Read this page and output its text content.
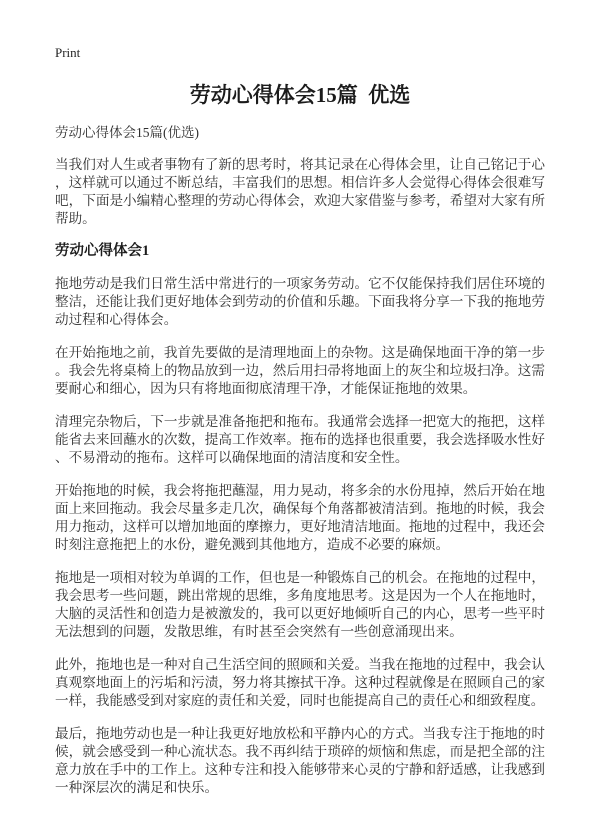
Print
劳动心得体会15篇  优选

劳动心得体会15篇(优选)

当我们对人生或者事物有了新的思考时，将其记录在心得体会里，让自己铭记于心，这样就可以通过不断总结，丰富我们的思想。相信许多人会觉得心得体会很难写吧，下面是小编精心整理的劳动心得体会，欢迎大家借鉴与参考，希望对大家有所帮助。

劳动心得体会1

拖地劳动是我们日常生活中常进行的一项家务劳动。它不仅能保持我们居住环境的整洁，还能让我们更好地体会到劳动的价值和乐趣。下面我将分享一下我的拖地劳动过程和心得体会。

在开始拖地之前，我首先要做的是清理地面上的杂物。这是确保地面干净的第一步。我会先将桌椅上的物品放到一边，然后用扫帚将地面上的灰尘和垃圾扫净。这需要耐心和细心，因为只有将地面彻底清理干净，才能保证拖地的效果。

清理完杂物后，下一步就是准备拖把和拖布。我通常会选择一把宽大的拖把，这样能省去来回蘸水的次数，提高工作效率。拖布的选择也很重要，我会选择吸水性好、不易滑动的拖布。这样可以确保地面的清洁度和安全性。

开始拖地的时候，我会将拖把蘸湿，用力晃动，将多余的水份甩掉，然后开始在地面上来回拖动。我会尽量多走几次，确保每个角落都被清洁到。拖地的时候，我会用力拖动，这样可以增加地面的摩擦力，更好地清洁地面。拖地的过程中，我还会时刻注意拖把上的水份，避免溅到其他地方，造成不必要的麻烦。

拖地是一项相对较为单调的工作，但也是一种锻炼自己的机会。在拖地的过程中，我会思考一些问题，跳出常规的思维，多角度地思考。这是因为一个人在拖地时，大脑的灵活性和创造力是被激发的，我可以更好地倾听自己的内心，思考一些平时无法想到的问题，发散思维，有时甚至会突然有一些创意涌现出来。

此外，拖地也是一种对自己生活空间的照顾和关爱。当我在拖地的过程中，我会认真观察地面上的污垢和污渍，努力将其擦拭干净。这种过程就像是在照顾自己的家一样，我能感受到对家庭的责任和关爱，同时也能提高自己的责任心和细致程度。

最后，拖地劳动也是一种让我更好地放松和平静内心的方式。当我专注于拖地的时候，就会感受到一种心流状态。我不再纠结于琐碎的烦恼和焦虑，而是把全部的注意力放在手中的工作上。这种专注和投入能够带来心灵的宁静和舒适感，让我感到一种深层次的满足和快乐。
